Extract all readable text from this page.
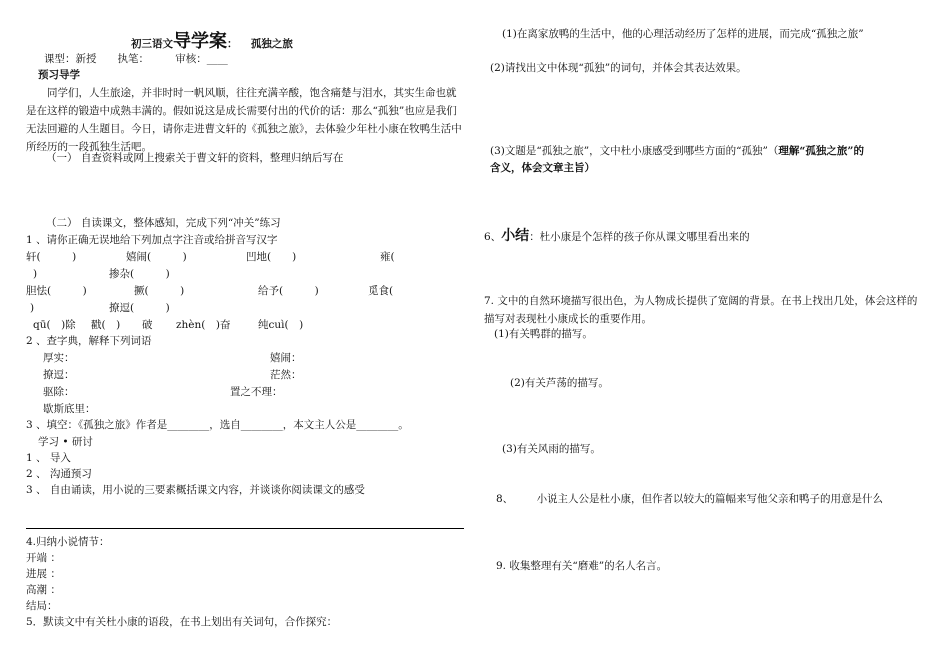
初三语文导学案： 孤独之旅
课型：新授　　执笔：　　　审核：____
预习导学
同学们，人生旅途，并非时时一帆风顺，往往充满辛酸，饱含痛楚与泪水，其实生命也就是在这样的锻造中成熟丰满的。假如说这是成长需要付出的代价的话：那么“孤独”也应是我们无法回避的人生题目。今日，请你走进曹文轩的《孤独之旅》，去体验少年杜小康在牧鸭生活中所经历的一段孤独生活吧。
（一） 自查资料或网上搜索关于曹文轩的资料，整理归纳后写在
（二） 自读课文，整体感知，完成下列“冲关”练习
1 、请你正确无误地给下列加点字注音或给拼音写汉字
轩(　　　)	嬉闹(　　　)	凹地(　　)	雍(
)	掺杂(　　　)
胆怯(　　　)	撅(　　　)	给予(　　　)	觅食(
)	撩逗(　　　)
qū(　)除 戳(　) 破 zhèn(　)奋	纯cuì(　)
2 、查字典，解释下列词语
厚实：	嬉闹：
撩逗：	茫然：
驱除：	置之不理：
歇斯底里：
3 、填空：《孤独之旅》作者是________，选自________，本文主人公是________。
学习 • 研讨
1 、 导入
2 、 沟通预习
3 、 自由诵读，用小说的三要素概括课文内容，并谈谈你阅读课文的感受
4.归纳小说情节：
开端 ：
进展 ：
高潮 ：
结局：
5．默读文中有关杜小康的语段，在书上划出有关词句，合作探究：
(1)在离家放鸭的生活中，他的心理活动经历了怎样的进展，而完成“孤独之旅”
(2)请找出文中体现“孤独”的词句，并体会其表达效果。
(3)文题是“孤独之旅”，文中杜小康感受到哪些方面的“孤独”（理解“孤独之旅”的
含义，体会文章主旨）
6、小结：杜小康是个怎样的孩子你从课文哪里看出来的
7. 文中的自然环境描写很出色，为人物成长提供了宽阔的背景。在书上找出几处，体会这样的描写对表现杜小康成长的重要作用。
(1)有关鸭群的描写。
(2)有关芦荡的描写。
(3)有关风雨的描写。
8、 小说主人公是杜小康，但作者以较大的篇幅来写他父亲和鸭子的用意是什么
9. 收集整理有关“磨难”的名人名言。
